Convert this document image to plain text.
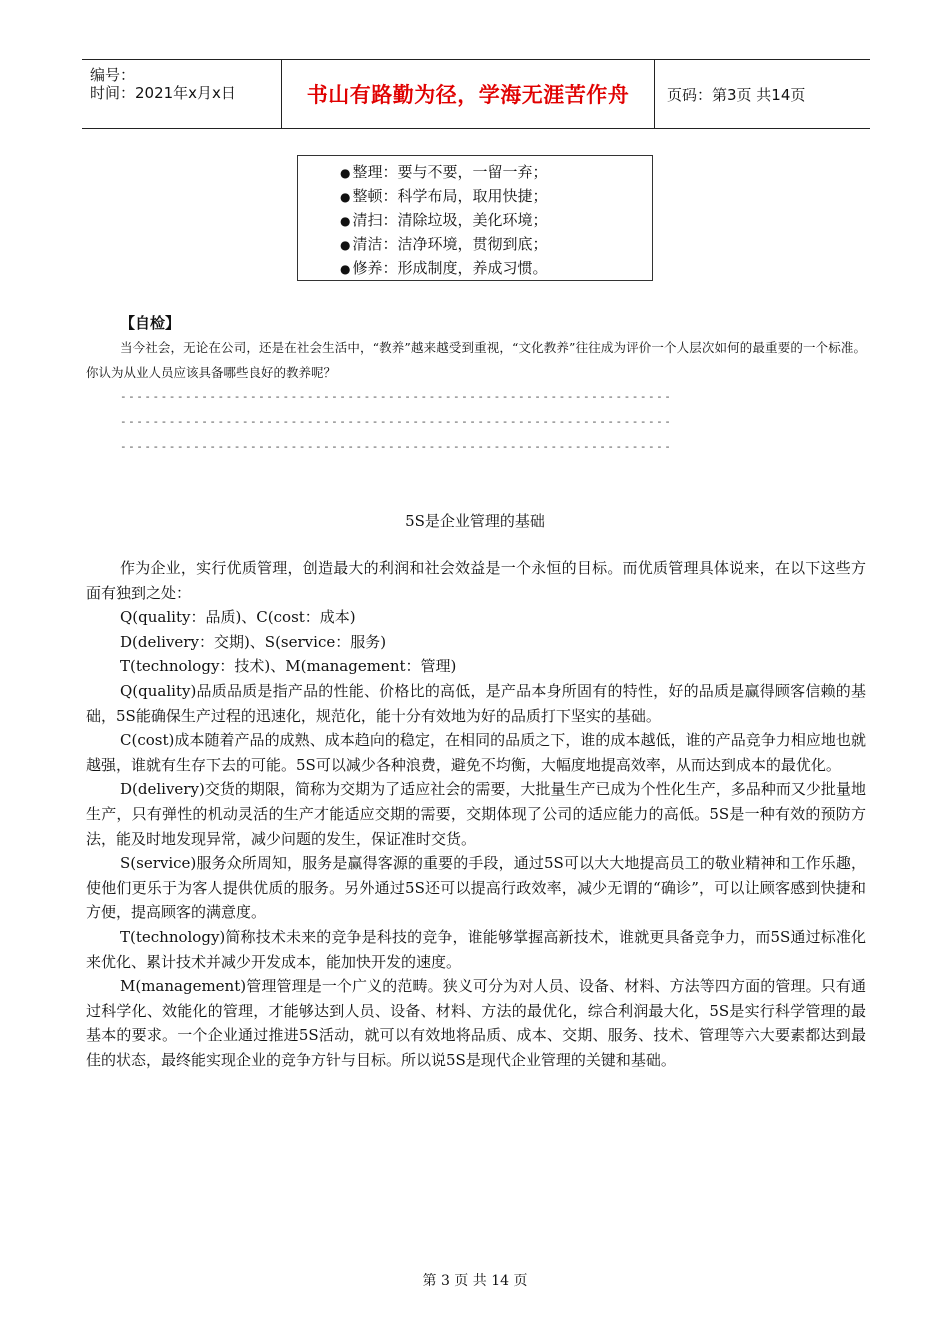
编号：
时间：2021年x月x日	书山有路勤为径，学海无涯苦作舟	页码：第3页 共14页
● 整理：要与不要，一留一弃；
● 整顿：科学布局，取用快捷；
● 清扫：清除垃圾，美化环境；
● 清洁：洁净环境，贯彻到底；
● 修养：形成制度，养成习惯。
【自检】
当今社会，无论在公司，还是在社会生活中，“教养”越来越受到重视，“文化教养”往往成为评价一个人层次如何的最重要的一个标准。你认为从业人员应该具备哪些良好的教养呢？
--------------------------------------------------------------------
--------------------------------------------------------------------
--------------------------------------------------------------------
5S是企业管理的基础

作为企业，实行优质管理，创造最大的利润和社会效益是一个永恒的目标。而优质管理具体说来，在以下这些方面有独到之处：

Q(quality：品质)、C(cost：成本)

D(delivery：交期)、S(service：服务)

T(technology：技术)、M(management：管理)

Q(quality)品质品质是指产品的性能、价格比的高低，是产品本身所固有的特性，好的品质是赢得顾客信赖的基础，5S能确保生产过程的迅速化，规范化，能十分有效地为好的品质打下坚实的基础。

C(cost)成本随着产品的成熟、成本趋向的稳定，在相同的品质之下，谁的成本越低，谁的产品竞争力相应地也就越强，谁就有生存下去的可能。5S可以减少各种浪费，避免不均衡，大幅度地提高效率，从而达到成本的最优化。

D(delivery)交货的期限，简称为交期为了适应社会的需要，大批量生产已成为个性化生产，多品种而又少批量地生产，只有弹性的机动灵活的生产才能适应交期的需要，交期体现了公司的适应能力的高低。5S是一种有效的预防方法，能及时地发现异常，减少问题的发生，保证准时交货。

S(service)服务众所周知，服务是赢得客源的重要的手段，通过5S可以大大地提高员工的敬业精神和工作乐趣，使他们更乐于为客人提供优质的服务。另外通过5S还可以提高行政效率，减少无谓的“确诊”，可以让顾客感到快捷和方便，提高顾客的满意度。

T(technology)简称技术未来的竞争是科技的竞争，谁能够掌握高新技术，谁就更具备竞争力，而5S通过标准化来优化、累计技术并减少开发成本，能加快开发的速度。

M(management)管理管理是一个广义的范畴。狭义可分为对人员、设备、材料、方法等四方面的管理。只有通过科学化、效能化的管理，才能够达到人员、设备、材料、方法的最优化，综合利润最大化，5S是实行科学管理的最基本的要求。一个企业通过推进5S活动，就可以有效地将品质、成本、交期、服务、技术、管理等六大要素都达到最佳的状态，最终能实现企业的竞争方针与目标。所以说5S是现代企业管理的关键和基础。

第 3 页 共 14 页
